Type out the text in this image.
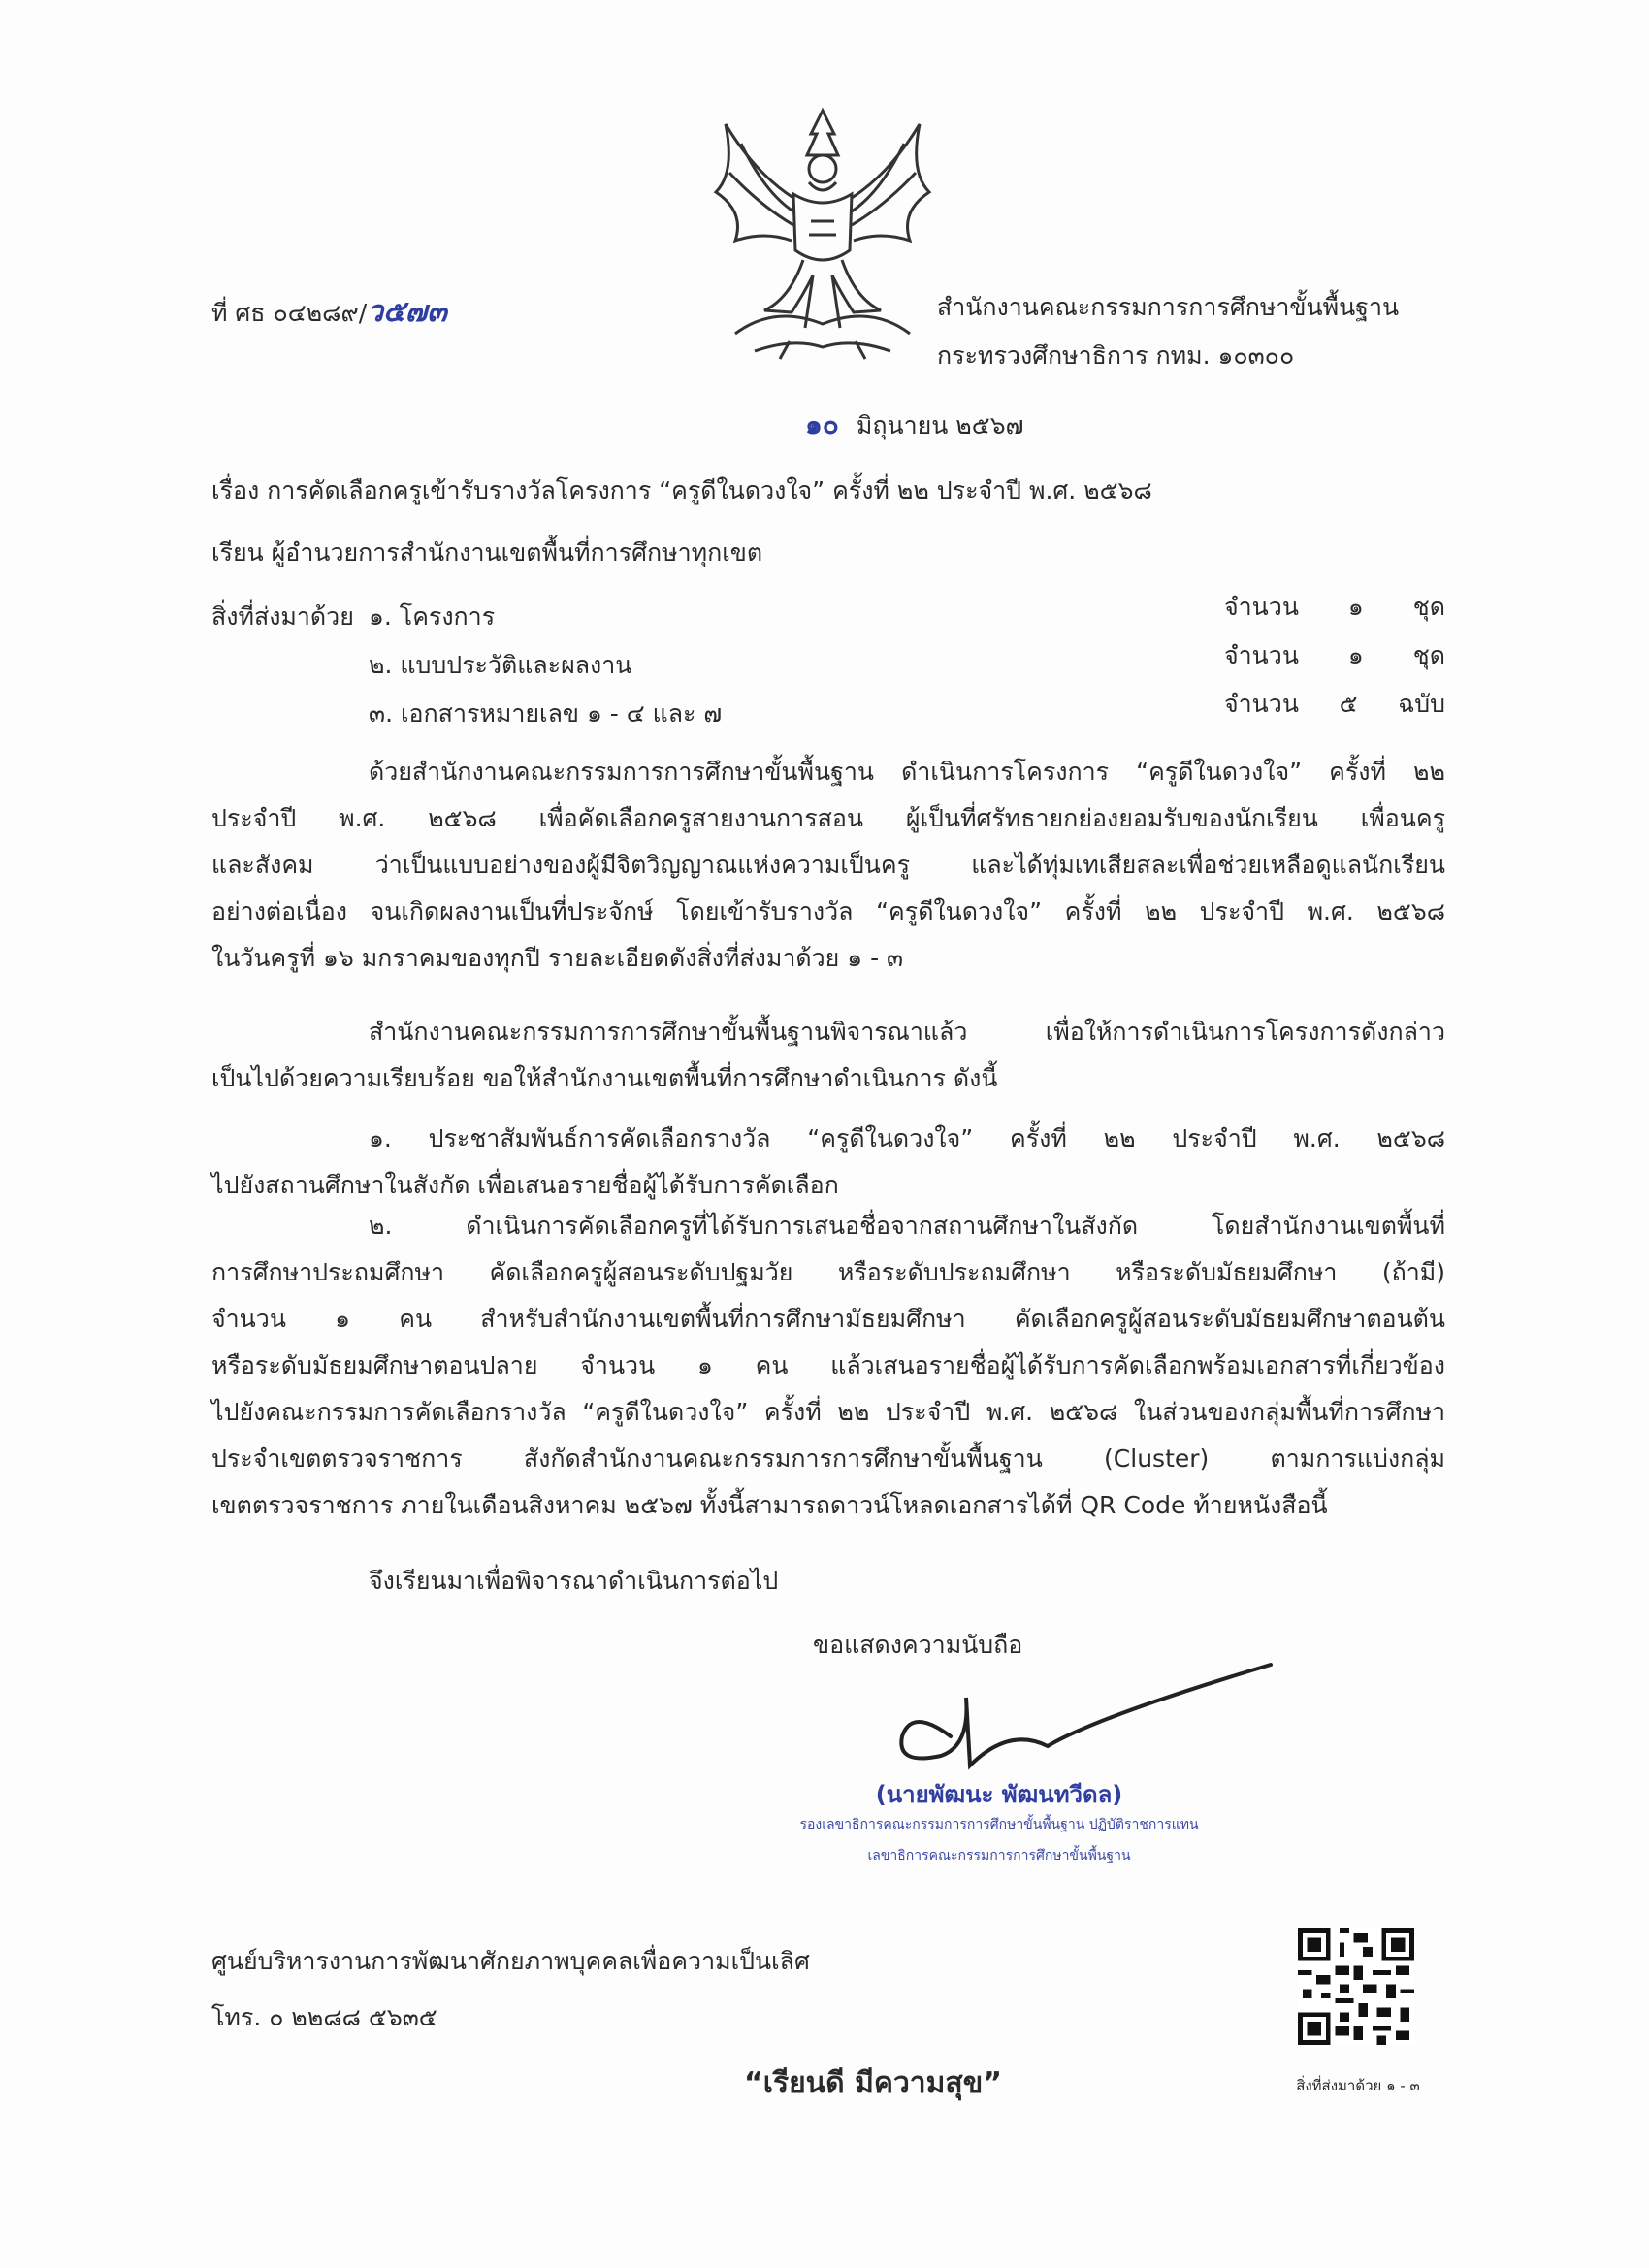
ที่ ศธ ๐๔๒๘๙/ว๕๗๓	สำนักงานคณะกรรมการการศึกษาขั้นพื้นฐาน
กระทรวงศึกษาธิการ กทม. ๑๐๓๐๐
๑๐ มิถุนายน ๒๕๖๗
เรื่อง การคัดเลือกครูเข้ารับรางวัลโครงการ “ครูดีในดวงใจ” ครั้งที่ ๒๒ ประจำปี พ.ศ. ๒๕๖๘
เรียน ผู้อำนวยการสำนักงานเขตพื้นที่การศึกษาทุกเขต
สิ่งที่ส่งมาด้วย ๑. โครงการ	จำนวน ๑ ชุด
๒. แบบประวัติและผลงาน	จำนวน ๑ ชุด
๓. เอกสารหมายเลข ๑ - ๔ และ ๗	จำนวน ๕ ฉบับ
ด้วยสำนักงานคณะกรรมการการศึกษาขั้นพื้นฐาน ดำเนินการโครงการ “ครูดีในดวงใจ” ครั้งที่ ๒๒
ประจำปี พ.ศ. ๒๕๖๘ เพื่อคัดเลือกครูสายงานการสอน ผู้เป็นที่ศรัทธายกย่องยอมรับของนักเรียน เพื่อนครู
และสังคม ว่าเป็นแบบอย่างของผู้มีจิตวิญญาณแห่งความเป็นครู และได้ทุ่มเทเสียสละเพื่อช่วยเหลือดูแลนักเรียน
อย่างต่อเนื่อง จนเกิดผลงานเป็นที่ประจักษ์ โดยเข้ารับรางวัล “ครูดีในดวงใจ” ครั้งที่ ๒๒ ประจำปี พ.ศ. ๒๕๖๘
ในวันครูที่ ๑๖ มกราคมของทุกปี รายละเอียดดังสิ่งที่ส่งมาด้วย ๑ - ๓
สำนักงานคณะกรรมการการศึกษาขั้นพื้นฐานพิจารณาแล้ว เพื่อให้การดำเนินการโครงการดังกล่าว
เป็นไปด้วยความเรียบร้อย ขอให้สำนักงานเขตพื้นที่การศึกษาดำเนินการ ดังนี้
๑. ประชาสัมพันธ์การคัดเลือกรางวัล “ครูดีในดวงใจ” ครั้งที่ ๒๒ ประจำปี พ.ศ. ๒๕๖๘
ไปยังสถานศึกษาในสังกัด เพื่อเสนอรายชื่อผู้ได้รับการคัดเลือก
๒. ดำเนินการคัดเลือกครูที่ได้รับการเสนอชื่อจากสถานศึกษาในสังกัด โดยสำนักงานเขตพื้นที่
การศึกษาประถมศึกษา คัดเลือกครูผู้สอนระดับปฐมวัย หรือระดับประถมศึกษา หรือระดับมัธยมศึกษา (ถ้ามี)
จำนวน ๑ คน สำหรับสำนักงานเขตพื้นที่การศึกษามัธยมศึกษา คัดเลือกครูผู้สอนระดับมัธยมศึกษาตอนต้น
หรือระดับมัธยมศึกษาตอนปลาย จำนวน ๑ คน แล้วเสนอรายชื่อผู้ได้รับการคัดเลือกพร้อมเอกสารที่เกี่ยวข้อง
ไปยังคณะกรรมการคัดเลือกรางวัล “ครูดีในดวงใจ” ครั้งที่ ๒๒ ประจำปี พ.ศ. ๒๕๖๘ ในส่วนของกลุ่มพื้นที่การศึกษา
ประจำเขตตรวจราชการ สังกัดสำนักงานคณะกรรมการการศึกษาขั้นพื้นฐาน (Cluster) ตามการแบ่งกลุ่ม
เขตตรวจราชการ ภายในเดือนสิงหาคม ๒๕๖๗ ทั้งนี้สามารถดาวน์โหลดเอกสารได้ที่ QR Code ท้ายหนังสือนี้
จึงเรียนมาเพื่อพิจารณาดำเนินการต่อไป
ขอแสดงความนับถือ
(นายพัฒนะ พัฒนทวีดล)
รองเลขาธิการคณะกรรมการการศึกษาขั้นพื้นฐาน ปฏิบัติราชการแทน
เลขาธิการคณะกรรมการการศึกษาขั้นพื้นฐาน
ศูนย์บริหารงานการพัฒนาศักยภาพบุคคลเพื่อความเป็นเลิศ
โทร. ๐ ๒๒๘๘ ๕๖๓๕
“เรียนดี มีความสุข”	สิ่งที่ส่งมาด้วย ๑ - ๓
